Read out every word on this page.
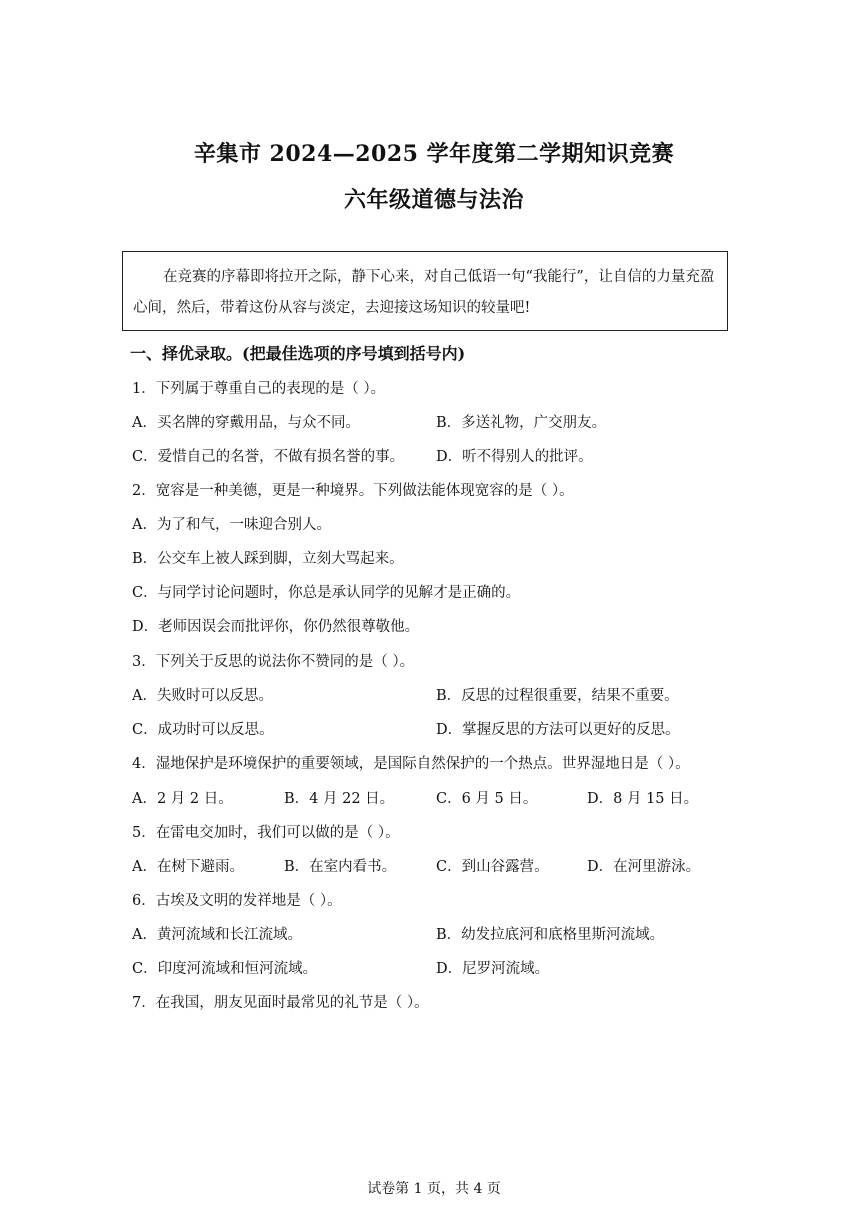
辛集市 2024—2025 学年度第二学期知识竞赛
六年级道德与法治

在竞赛的序幕即将拉开之际，静下心来，对自己低语一句“我能行”，让自信的力量充盈心间，然后，带着这份从容与淡定，去迎接这场知识的较量吧!

一、择优录取。(把最佳选项的序号填到括号内)
1．下列属于尊重自己的表现的是（ ）。
A．买名牌的穿戴用品，与众不同。	B．多送礼物，广交朋友。
C．爱惜自己的名誉，不做有损名誉的事。 D．听不得别人的批评。
2．宽容是一种美德，更是一种境界。下列做法能体现宽容的是（ ）。
A．为了和气，一味迎合别人。
B．公交车上被人踩到脚，立刻大骂起来。
C．与同学讨论问题时，你总是承认同学的见解才是正确的。
D．老师因误会而批评你，你仍然很尊敬他。
3．下列关于反思的说法你不赞同的是（ ）。
A．失败时可以反思。	B．反思的过程很重要，结果不重要。
C．成功时可以反思。	D．掌握反思的方法可以更好的反思。
4．湿地保护是环境保护的重要领域，是国际自然保护的一个热点。世界湿地日是（ ）。
A．2 月 2 日。	B．4 月 22 日。	C．6 月 5 日。	D．8 月 15 日。
5．在雷电交加时，我们可以做的是（ ）。
A．在树下避雨。	B．在室内看书。	C．到山谷露营。	D．在河里游泳。
6．古埃及文明的发祥地是（ ）。
A．黄河流域和长江流域。	B．幼发拉底河和底格里斯河流域。
C．印度河流域和恒河流域。	D．尼罗河流域。
7．在我国，朋友见面时最常见的礼节是（ ）。
试卷第 1 页，共 4 页
